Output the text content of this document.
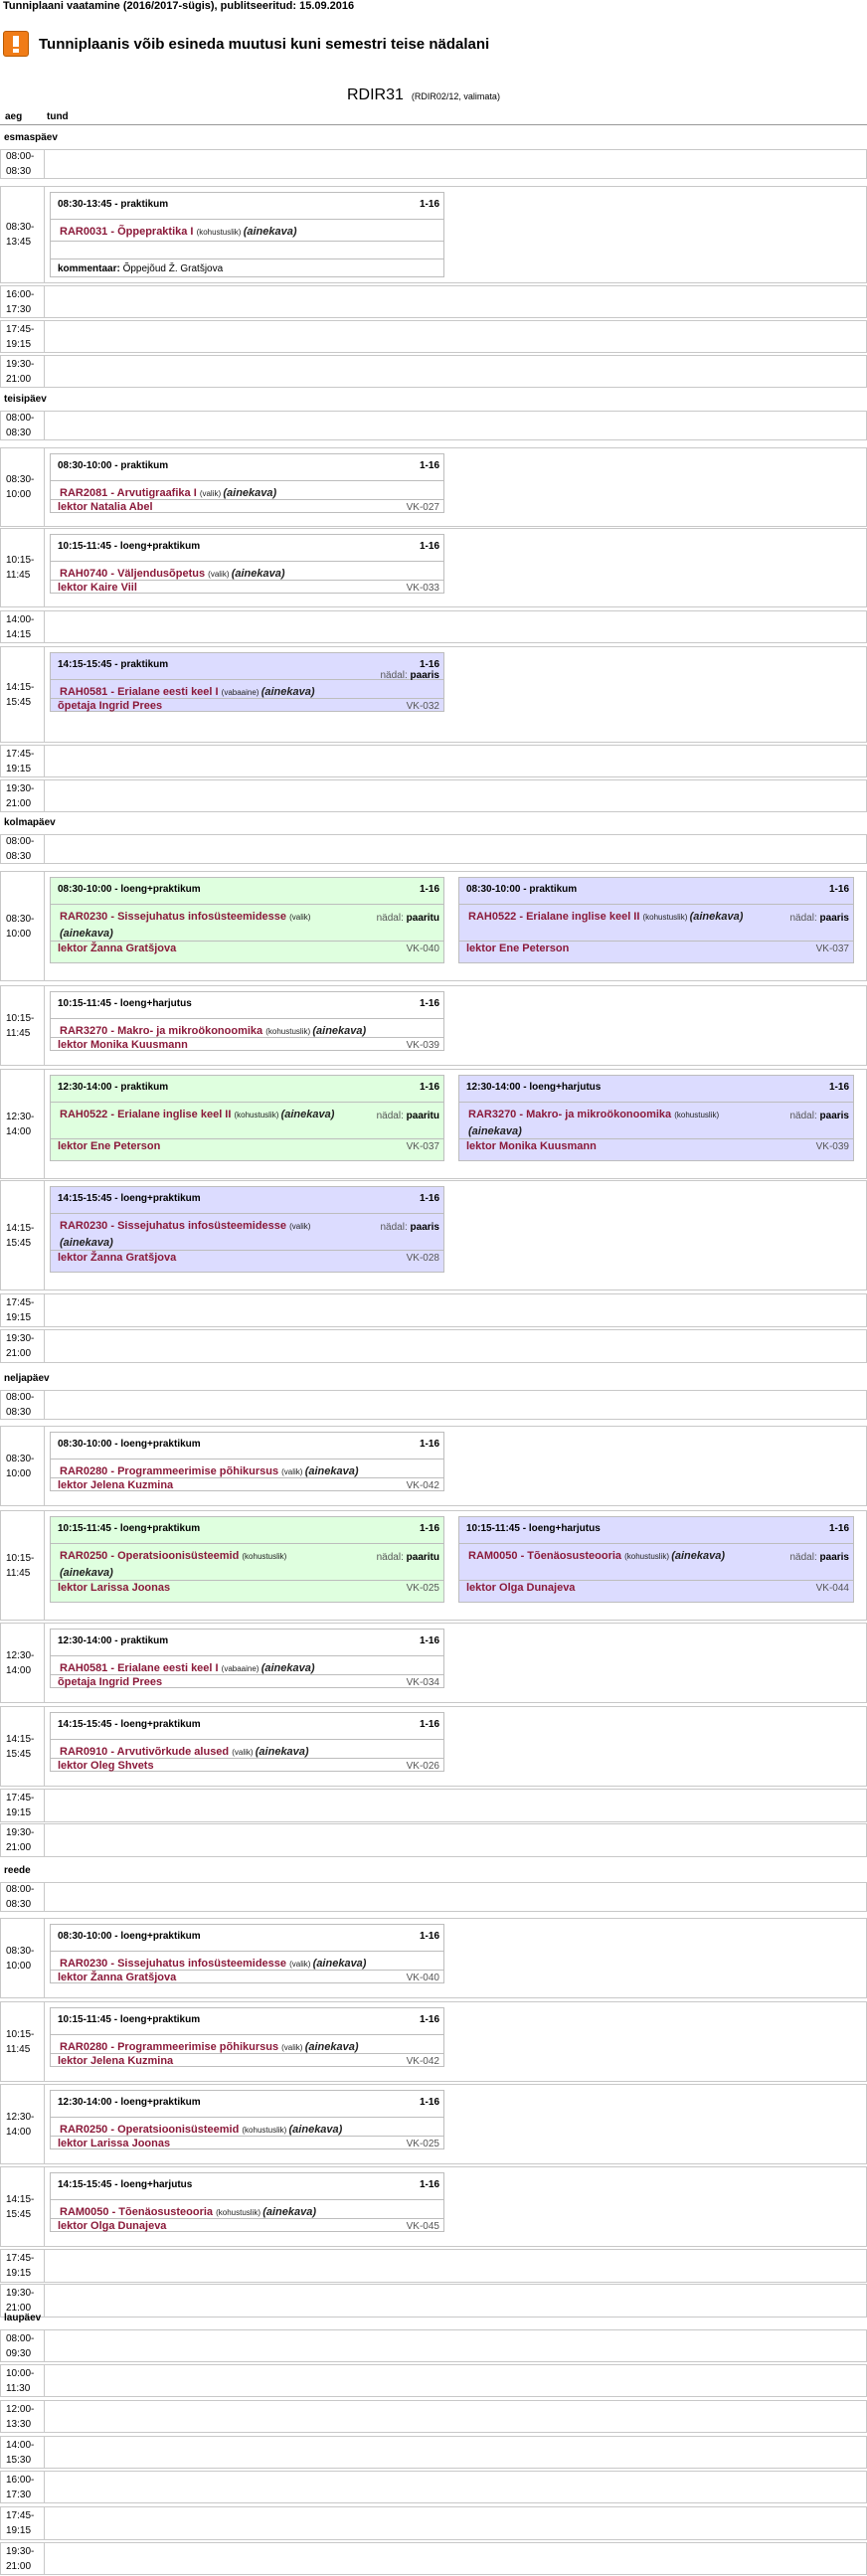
Tunniplaani vaatamine (2016/2017-sügis), publitseeritud: 15.09.2016
Tunniplaanis võib esineda muutusi kuni semestri teise nädalani
RDIR31 (RDIR02/12, valimata)
aeg tund
esmaspäev
08:00-
08:30
08:30-
13:45
08:30-13:45 - praktikum	1-16
RAR0031 - Õppepraktika I (kohustuslik) (ainekava)
kommentaar: Õppejõud Ž. Gratšjova
16:00-
17:30
17:45-
19:15
19:30-
21:00
teisipäev
08:00-
08:30
08:30-
10:00
08:30-10:00 - praktikum	1-16
RAR2081 - Arvutigraafika I (valik) (ainekava)
lektor Natalia Abel	VK-027
10:15-
11:45
10:15-11:45 - loeng+praktikum	1-16
RAH0740 - Väljendusõpetus (valik) (ainekava)
lektor Kaire Viil	VK-033
14:00-
14:15
14:15-
15:45
14:15-15:45 - praktikum	1-16
RAH0581 - Erialane eesti keel I (vabaaine) (ainekava)
nädal: paaris
õpetaja Ingrid Prees	VK-032
17:45-
19:15
19:30-
21:00
kolmapäev
08:00-
08:30
08:30-
10:00
08:30-10:00 - loeng+praktikum	1-16
RAR0230 - Sissejuhatus infosüsteemidesse (valik) (ainekava)
nädal: paaritu
lektor Žanna Gratšjova	VK-040
08:30-10:00 - praktikum	1-16
RAH0522 - Erialane inglise keel II (kohustuslik) (ainekava)	nädal: paaris
lektor Ene Peterson	VK-037
10:15-
11:45
10:15-11:45 - loeng+harjutus	1-16
RAR3270 - Makro- ja mikroökonoomika (kohustuslik) (ainekava)
lektor Monika Kuusmann	VK-039
12:30-
14:00
12:30-14:00 - praktikum	1-16
RAH0522 - Erialane inglise keel II (kohustuslik) (ainekava)	nädal: paaritu
lektor Ene Peterson	VK-037
12:30-14:00 - loeng+harjutus	1-16
RAR3270 - Makro- ja mikroökonoomika (kohustuslik) (ainekava)
nädal: paaris
lektor Monika Kuusmann	VK-039
14:15-
15:45
14:15-15:45 - loeng+praktikum	1-16
RAR0230 - Sissejuhatus infosüsteemidesse (valik) (ainekava)
nädal: paaris
lektor Žanna Gratšjova	VK-028
17:45-
19:15
19:30-
21:00
neljapäev
08:00-
08:30
08:30-
10:00
08:30-10:00 - loeng+praktikum	1-16
RAR0280 - Programmeerimise põhikursus (valik) (ainekava)
lektor Jelena Kuzmina	VK-042
10:15-
11:45
10:15-11:45 - loeng+praktikum	1-16
RAR0250 - Operatsioonisüsteemid (kohustuslik) (ainekava)
nädal: paaritu
lektor Larissa Joonas	VK-025
10:15-11:45 - loeng+harjutus	1-16
RAM0050 - Tõenäosusteooria (kohustuslik) (ainekava)	nädal: paaris
lektor Olga Dunajeva	VK-044
12:30-
14:00
12:30-14:00 - praktikum	1-16
RAH0581 - Erialane eesti keel I (vabaaine) (ainekava)
õpetaja Ingrid Prees	VK-034
14:15-
15:45
14:15-15:45 - loeng+praktikum	1-16
RAR0910 - Arvutivõrkude alused (valik) (ainekava)
lektor Oleg Shvets	VK-026
17:45-
19:15
19:30-
21:00
reede
08:00-
08:30
08:30-
10:00
08:30-10:00 - loeng+praktikum	1-16
RAR0230 - Sissejuhatus infosüsteemidesse (valik) (ainekava)
lektor Žanna Gratšjova	VK-040
10:15-
11:45
10:15-11:45 - loeng+praktikum	1-16
RAR0280 - Programmeerimise põhikursus (valik) (ainekava)
lektor Jelena Kuzmina	VK-042
12:30-
14:00
12:30-14:00 - loeng+praktikum	1-16
RAR0250 - Operatsioonisüsteemid (kohustuslik) (ainekava)
lektor Larissa Joonas	VK-025
14:15-
15:45
14:15-15:45 - loeng+harjutus	1-16
RAM0050 - Tõenäosusteooria (kohustuslik) (ainekava)
lektor Olga Dunajeva	VK-045
17:45-
19:15
19:30-
21:00
laupäev
08:00-
09:30
10:00-
11:30
12:00-
13:30
14:00-
15:30
16:00-
17:30
17:45-
19:15
19:30-
21:00
